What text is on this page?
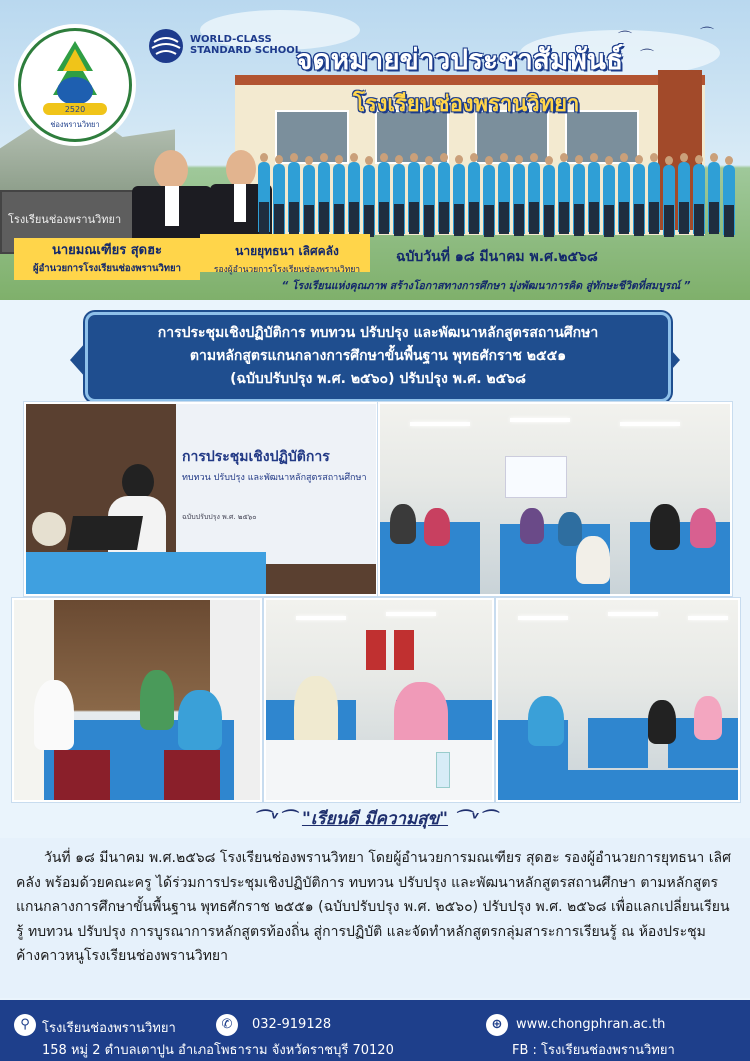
โรงเรียนช่องพรานวิทยา
2520
ช่องพรานวิทยา
WORLD-CLASS
STANDARD SCHOOL
จดหมายข่าวประชาสัมพันธ์
โรงเรียนช่องพรานวิทยา
⌒
⌒
⌒
นายมณเฑียร สุดฮะ
ผู้อำนวยการโรงเรียนช่องพรานวิทยา
นายยุทธนา เลิศคลัง
รองผู้อำนวยการโรงเรียนช่องพรานวิทยา
ฉบับวันที่ ๑๘ มีนาคม พ.ศ.๒๕๖๘
“ โรงเรียนแห่งคุณภาพ สร้างโอกาสทางการศึกษา มุ่งพัฒนาการคิด สู่ทักษะชีวิตที่สมบูรณ์ ”
การประชุมเชิงปฏิบัติการ ทบทวน ปรับปรุง และพัฒนาหลักสูตรสถานศึกษา
ตามหลักสูตรแกนกลางการศึกษาขั้นพื้นฐาน พุทธศักราช ๒๕๕๑
(ฉบับปรับปรุง พ.ศ. ๒๕๖๐) ปรับปรุง พ.ศ. ๒๕๖๘
การประชุมเชิงปฏิบัติการ
ทบทวน ปรับปรุง และพัฒนาหลักสูตรสถานศึกษา
ฉบับปรับปรุง พ.ศ. ๒๕๖๐
⌒ᵛ⌒ "เรียนดี มีความสุข" ⌒ᵛ⌒
วันที่ ๑๘ มีนาคม พ.ศ.๒๕๖๘ โรงเรียนช่องพรานวิทยา โดยผู้อำนวยการมณเฑียร สุดฮะ รองผู้อำนวยการยุทธนา เลิศคลัง พร้อมด้วยคณะครู ได้ร่วมการประชุมเชิงปฏิบัติการ ทบทวน ปรับปรุง และพัฒนาหลักสูตรสถานศึกษา ตามหลักสูตรแกนกลางการศึกษาขั้นพื้นฐาน พุทธศักราช ๒๕๕๑ (ฉบับปรับปรุง พ.ศ. ๒๕๖๐) ปรับปรุง พ.ศ. ๒๕๖๘ เพื่อแลกเปลี่ยนเรียนรู้ ทบทวน ปรับปรุง การบูรณาการหลักสูตรท้องถิ่น สู่การปฏิบัติ และจัดทำหลักสูตรกลุ่มสาระการเรียนรู้ ณ ห้องประชุมค้างคาวหนูโรงเรียนช่องพรานวิทยา
⚲ โรงเรียนช่องพรานวิทยา	✆	032-919128	⊕	www.chongphran.ac.th
158 หมู่ 2 ตำบลเตาปูน อำเภอโพธาราม จังหวัดราชบุรี 70120	FB : โรงเรียนช่องพรานวิทยา
